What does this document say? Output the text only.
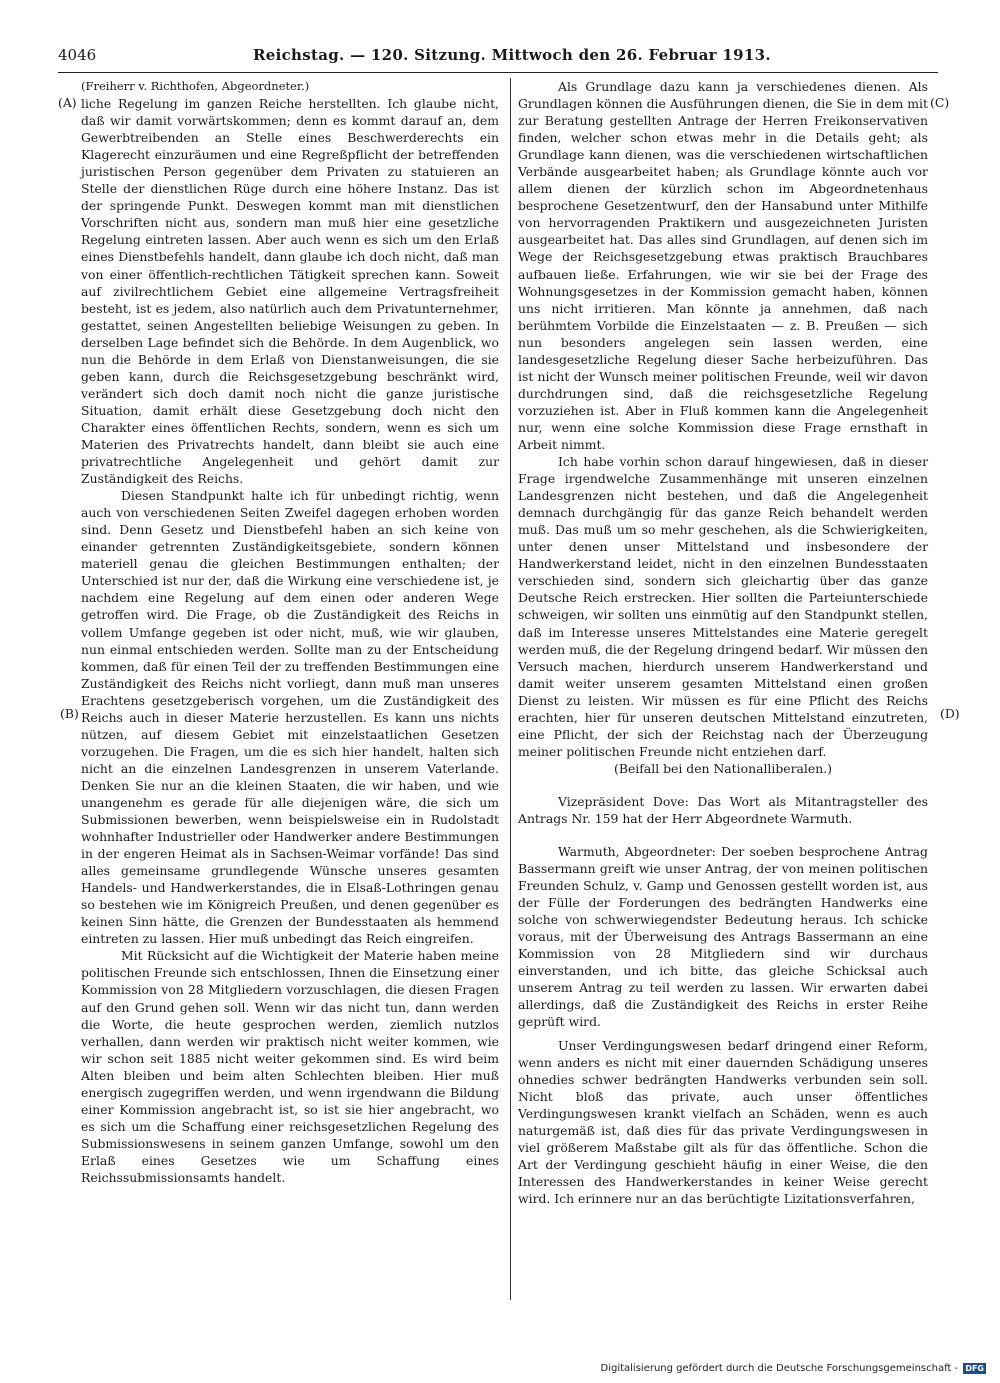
4046	Reichstag. — 120. Sitzung. Mittwoch den 26. Februar 1913.
(A)
(B)
(C)
(D)

(Freiherr v. Richthofen, Abgeordneter.)

liche Regelung im ganzen Reiche herstellten. Ich glaube nicht, daß wir damit vorwärtskommen; denn es kommt darauf an, dem Gewerbtreibenden an Stelle eines Beschwerderechts ein Klagerecht einzuräumen und eine Regreßpflicht der betreffenden juristischen Person gegenüber dem Privaten zu statuieren an Stelle der dienstlichen Rüge durch eine höhere Instanz. Das ist der springende Punkt. Deswegen kommt man mit dienstlichen Vorschriften nicht aus, sondern man muß hier eine gesetzliche Regelung eintreten lassen. Aber auch wenn es sich um den Erlaß eines Dienstbefehls handelt, dann glaube ich doch nicht, daß man von einer öffentlich-rechtlichen Tätigkeit sprechen kann. Soweit auf zivilrechtlichem Gebiet eine allgemeine Vertragsfreiheit besteht, ist es jedem, also natürlich auch dem Privatunternehmer, gestattet, seinen Angestellten beliebige Weisungen zu geben. In derselben Lage befindet sich die Behörde. In dem Augenblick, wo nun die Behörde in dem Erlaß von Dienstanweisungen, die sie geben kann, durch die Reichsgesetzgebung beschränkt wird, verändert sich doch damit noch nicht die ganze juristische Situation, damit erhält diese Gesetzgebung doch nicht den Charakter eines öffentlichen Rechts, sondern, wenn es sich um Materien des Privatrechts handelt, dann bleibt sie auch eine privatrechtliche Angelegenheit und gehört damit zur Zuständigkeit des Reichs.

Diesen Standpunkt halte ich für unbedingt richtig, wenn auch von verschiedenen Seiten Zweifel dagegen erhoben worden sind. Denn Gesetz und Dienstbefehl haben an sich keine von einander getrennten Zuständigkeitsgebiete, sondern können materiell genau die gleichen Bestimmungen enthalten; der Unterschied ist nur der, daß die Wirkung eine verschiedene ist, je nachdem eine Regelung auf dem einen oder anderen Wege getroffen wird. Die Frage, ob die Zuständigkeit des Reichs in vollem Umfange gegeben ist oder nicht, muß, wie wir glauben, nun einmal entschieden werden. Sollte man zu der Entscheidung kommen, daß für einen Teil der zu treffenden Bestimmungen eine Zuständigkeit des Reichs nicht vorliegt, dann muß man unseres Erachtens gesetzgeberisch vorgehen, um die Zuständigkeit des Reichs auch in dieser Materie herzustellen. Es kann uns nichts nützen, auf diesem Gebiet mit einzelstaatlichen Gesetzen vorzugehen. Die Fragen, um die es sich hier handelt, halten sich nicht an die einzelnen Landesgrenzen in unserem Vaterlande. Denken Sie nur an die kleinen Staaten, die wir haben, und wie unangenehm es gerade für alle diejenigen wäre, die sich um Submissionen bewerben, wenn beispielsweise ein in Rudolstadt wohnhafter Industrieller oder Handwerker andere Bestimmungen in der engeren Heimat als in Sachsen-Weimar vorfände! Das sind alles gemeinsame grundlegende Wünsche unseres gesamten Handels- und Handwerkerstandes, die in Elsaß-Lothringen genau so bestehen wie im Königreich Preußen, und denen gegenüber es keinen Sinn hätte, die Grenzen der Bundesstaaten als hemmend eintreten zu lassen. Hier muß unbedingt das Reich eingreifen.

Mit Rücksicht auf die Wichtigkeit der Materie haben meine politischen Freunde sich entschlossen, Ihnen die Einsetzung einer Kommission von 28 Mitgliedern vorzuschlagen, die diesen Fragen auf den Grund gehen soll. Wenn wir das nicht tun, dann werden die Worte, die heute gesprochen werden, ziemlich nutzlos verhallen, dann werden wir praktisch nicht weiter kommen, wie wir schon seit 1885 nicht weiter gekommen sind. Es wird beim Alten bleiben und beim alten Schlechten bleiben. Hier muß energisch zugegriffen werden, und wenn irgendwann die Bildung einer Kommission angebracht ist, so ist sie hier angebracht, wo es sich um die Schaffung einer reichsgesetzlichen Regelung des Submissionswesens in seinem ganzen Umfange, sowohl um den Erlaß eines Gesetzes wie um Schaffung eines Reichssubmissionsamts handelt.

Als Grundlage dazu kann ja verschiedenes dienen. Als Grundlagen können die Ausführungen dienen, die Sie in dem mit zur Beratung gestellten Antrage der Herren Freikonservativen finden, welcher schon etwas mehr in die Details geht; als Grundlage kann dienen, was die verschiedenen wirtschaftlichen Verbände ausgearbeitet haben; als Grundlage könnte auch vor allem dienen der kürzlich schon im Abgeordnetenhaus besprochene Gesetzentwurf, den der Hansabund unter Mithilfe von hervorragenden Praktikern und ausgezeichneten Juristen ausgearbeitet hat. Das alles sind Grundlagen, auf denen sich im Wege der Reichsgesetzgebung etwas praktisch Brauchbares aufbauen ließe. Erfahrungen, wie wir sie bei der Frage des Wohnungsgesetzes in der Kommission gemacht haben, können uns nicht irritieren. Man könnte ja annehmen, daß nach berühmtem Vorbilde die Einzelstaaten — z. B. Preußen — sich nun besonders angelegen sein lassen werden, eine landesgesetzliche Regelung dieser Sache herbeizuführen. Das ist nicht der Wunsch meiner politischen Freunde, weil wir davon durchdrungen sind, daß die reichsgesetzliche Regelung vorzuziehen ist. Aber in Fluß kommen kann die Angelegenheit nur, wenn eine solche Kommission diese Frage ernsthaft in Arbeit nimmt.

Ich habe vorhin schon darauf hingewiesen, daß in dieser Frage irgendwelche Zusammenhänge mit unseren einzelnen Landesgrenzen nicht bestehen, und daß die Angelegenheit demnach durchgängig für das ganze Reich behandelt werden muß. Das muß um so mehr geschehen, als die Schwierigkeiten, unter denen unser Mittelstand und insbesondere der Handwerkerstand leidet, nicht in den einzelnen Bundesstaaten verschieden sind, sondern sich gleichartig über das ganze Deutsche Reich erstrecken. Hier sollten die Parteiunterschiede schweigen, wir sollten uns einmütig auf den Standpunkt stellen, daß im Interesse unseres Mittelstandes eine Materie geregelt werden muß, die der Regelung dringend bedarf. Wir müssen den Versuch machen, hierdurch unserem Handwerkerstand und damit weiter unserem gesamten Mittelstand einen großen Dienst zu leisten. Wir müssen es für eine Pflicht des Reichs erachten, hier für unseren deutschen Mittelstand einzutreten, eine Pflicht, der sich der Reichstag nach der Überzeugung meiner politischen Freunde nicht entziehen darf.

(Beifall bei den Nationalliberalen.)

Vizepräsident Dove: Das Wort als Mitantragsteller des Antrags Nr. 159 hat der Herr Abgeordnete Warmuth.

Warmuth, Abgeordneter: Der soeben besprochene Antrag Bassermann greift wie unser Antrag, der von meinen politischen Freunden Schulz, v. Gamp und Genossen gestellt worden ist, aus der Fülle der Forderungen des bedrängten Handwerks eine solche von schwerwiegendster Bedeutung heraus. Ich schicke voraus, mit der Überweisung des Antrags Bassermann an eine Kommission von 28 Mitgliedern sind wir durchaus einverstanden, und ich bitte, das gleiche Schicksal auch unserem Antrag zu teil werden zu lassen. Wir erwarten dabei allerdings, daß die Zuständigkeit des Reichs in erster Reihe geprüft wird.

Unser Verdingungswesen bedarf dringend einer Reform, wenn anders es nicht mit einer dauernden Schädigung unseres ohnedies schwer bedrängten Handwerks verbunden sein soll. Nicht bloß das private, auch unser öffentliches Verdingungswesen krankt vielfach an Schäden, wenn es auch naturgemäß ist, daß dies für das private Verdingungswesen in viel größerem Maßstabe gilt als für das öffentliche. Schon die Art der Verdingung geschieht häufig in einer Weise, die den Interessen des Handwerkerstandes in keiner Weise gerecht wird. Ich erinnere nur an das berüchtigte Lizitationsverfahren,

Digitalisierung gefördert durch die Deutsche Forschungsgemeinschaft - DFG
